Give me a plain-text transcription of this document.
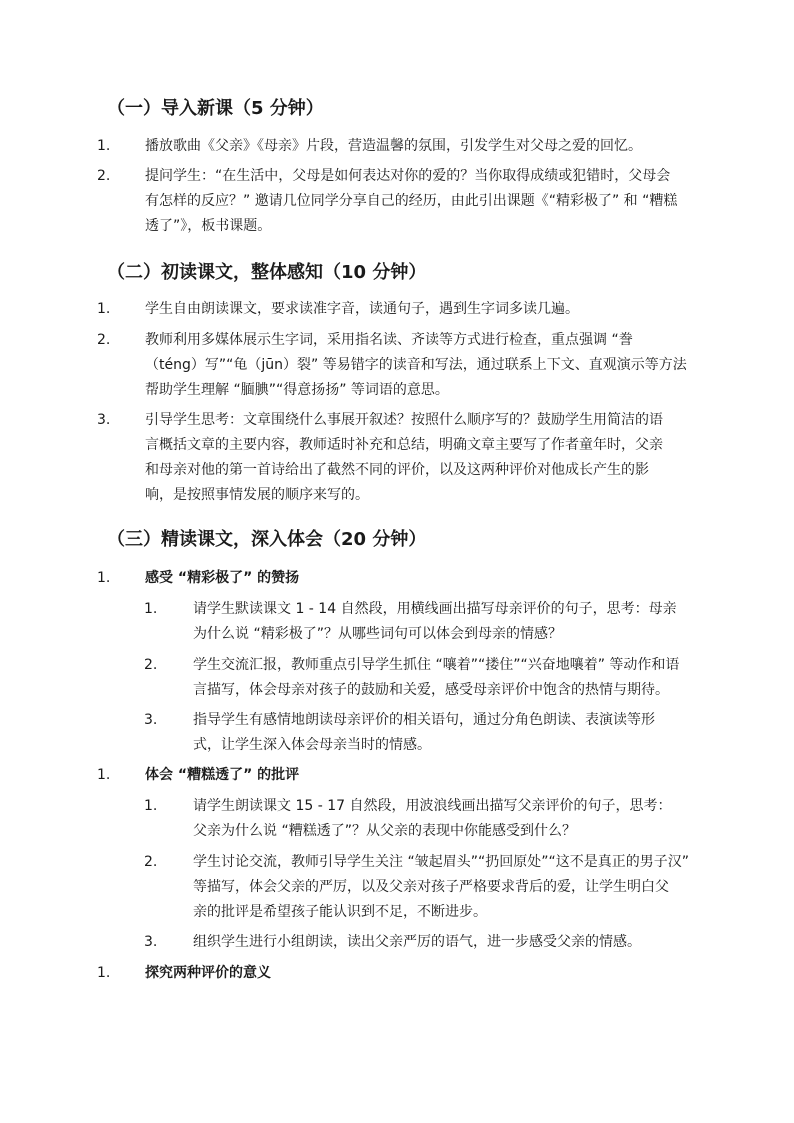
（一）导入新课（5 分钟）
1. 播放歌曲《父亲》《母亲》片段，营造温馨的氛围，引发学生对父母之爱的回忆。
2. 提问学生：“在生活中，父母是如何表达对你的爱的？当你取得成绩或犯错时，父母会
有怎样的反应？” 邀请几位同学分享自己的经历，由此引出课题《“精彩极了” 和 “糟糕
透了”》，板书课题。
（二）初读课文，整体感知（10 分钟）
1. 学生自由朗读课文，要求读准字音，读通句子，遇到生字词多读几遍。
2. 教师利用多媒体展示生字词，采用指名读、齐读等方式进行检查，重点强调 “誊
（téng）写”“龟（jūn）裂” 等易错字的读音和写法，通过联系上下文、直观演示等方法
帮助学生理解 “腼腆”“得意扬扬” 等词语的意思。
3. 引导学生思考：文章围绕什么事展开叙述？按照什么顺序写的？鼓励学生用简洁的语
言概括文章的主要内容，教师适时补充和总结，明确文章主要写了作者童年时，父亲
和母亲对他的第一首诗给出了截然不同的评价，以及这两种评价对他成长产生的影
响，是按照事情发展的顺序来写的。
（三）精读课文，深入体会（20 分钟）
1. 感受 “精彩极了” 的赞扬
1.	请学生默读课文 1 - 14 自然段，用横线画出描写母亲评价的句子，思考：母亲
为什么说 “精彩极了”？从哪些词句可以体会到母亲的情感？
2.	学生交流汇报，教师重点引导学生抓住 “嚷着”“搂住”“兴奋地嚷着” 等动作和语
言描写，体会母亲对孩子的鼓励和关爱，感受母亲评价中饱含的热情与期待。
3.	指导学生有感情地朗读母亲评价的相关语句，通过分角色朗读、表演读等形
式，让学生深入体会母亲当时的情感。
1. 体会 “糟糕透了” 的批评
1.	请学生朗读课文 15 - 17 自然段，用波浪线画出描写父亲评价的句子，思考：
父亲为什么说 “糟糕透了”？从父亲的表现中你能感受到什么？
2.	学生讨论交流，教师引导学生关注 “皱起眉头”“扔回原处”“这不是真正的男子汉”
等描写，体会父亲的严厉，以及父亲对孩子严格要求背后的爱，让学生明白父
亲的批评是希望孩子能认识到不足，不断进步。
3.	组织学生进行小组朗读，读出父亲严厉的语气，进一步感受父亲的情感。
1. 探究两种评价的意义
